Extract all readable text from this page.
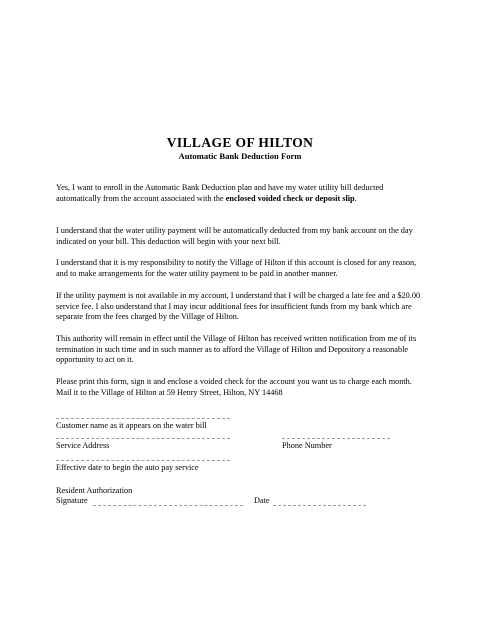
VILLAGE OF HILTON
Automatic Bank Deduction Form
Yes, I want to enroll in the Automatic Bank Deduction plan and have my water utility bill deducted automatically from the account associated with the enclosed voided check or deposit slip.
I understand that the water utility payment will be automatically deducted from my bank account on the day indicated on your bill. This deduction will begin with your next bill.
I understand that it is my responsibility to notify the Village of Hilton if this account is closed for any reason, and to make arrangements for the water utility payment to be paid in another manner.
If the utility payment is not available in my account, I understand that I will be charged a late fee and a $20.00 service fee. I also understand that I may incur additional fees for insufficient funds from my bank which are separate from the fees charged by the Village of Hilton.
This authority will remain in effect until the Village of Hilton has received written notification from me of its termination in such time and in such manner as to afford the Village of Hilton and Depository a reasonable opportunity to act on it.
Please print this form, sign it and enclose a voided check for the account you want us to charge each month. Mail it to the Village of Hilton at 59 Henry Street, Hilton, NY 14468
Customer name as it appears on the water bill
Service Address	Phone Number
Effective date to begin the auto pay service
Resident Authorization
Signature	Date
